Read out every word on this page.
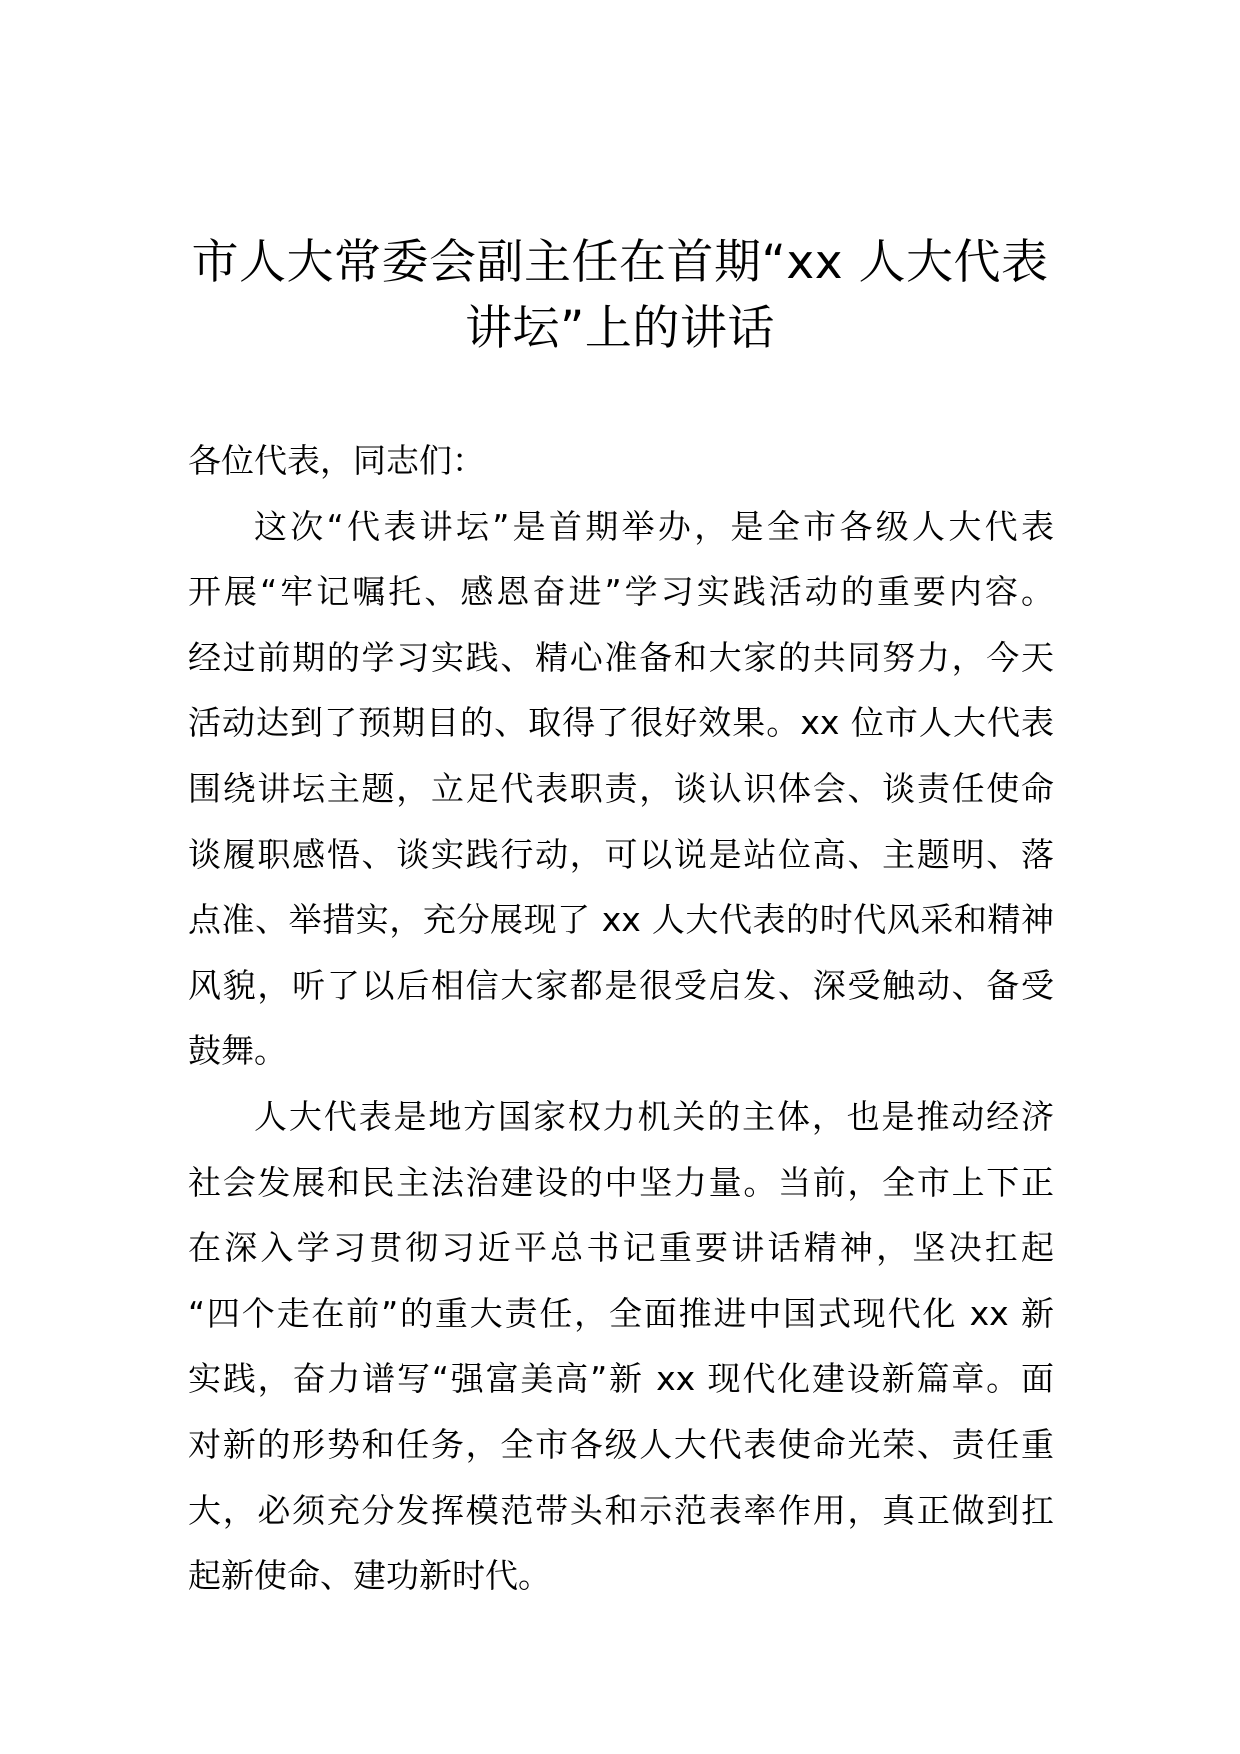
市人大常委会副主任在首期“xx 人大代表
讲坛”上的讲话
各位代表，同志们：
这次“代表讲坛”是首期举办，是全市各级人大代表
开展“牢记嘱托、感恩奋进”学习实践活动的重要内容。
经过前期的学习实践、精心准备和大家的共同努力，今天
活动达到了预期目的、取得了很好效果。xx 位市人大代表
围绕讲坛主题，立足代表职责，谈认识体会、谈责任使命
谈履职感悟、谈实践行动，可以说是站位高、主题明、落
点准、举措实，充分展现了 xx 人大代表的时代风采和精神
风貌，听了以后相信大家都是很受启发、深受触动、备受
鼓舞。
人大代表是地方国家权力机关的主体，也是推动经济
社会发展和民主法治建设的中坚力量。当前，全市上下正
在深入学习贯彻习近平总书记重要讲话精神，坚决扛起
“四个走在前”的重大责任，全面推进中国式现代化 xx 新
实践，奋力谱写“强富美高”新 xx 现代化建设新篇章。面
对新的形势和任务，全市各级人大代表使命光荣、责任重
大，必须充分发挥模范带头和示范表率作用，真正做到扛
起新使命、建功新时代。
